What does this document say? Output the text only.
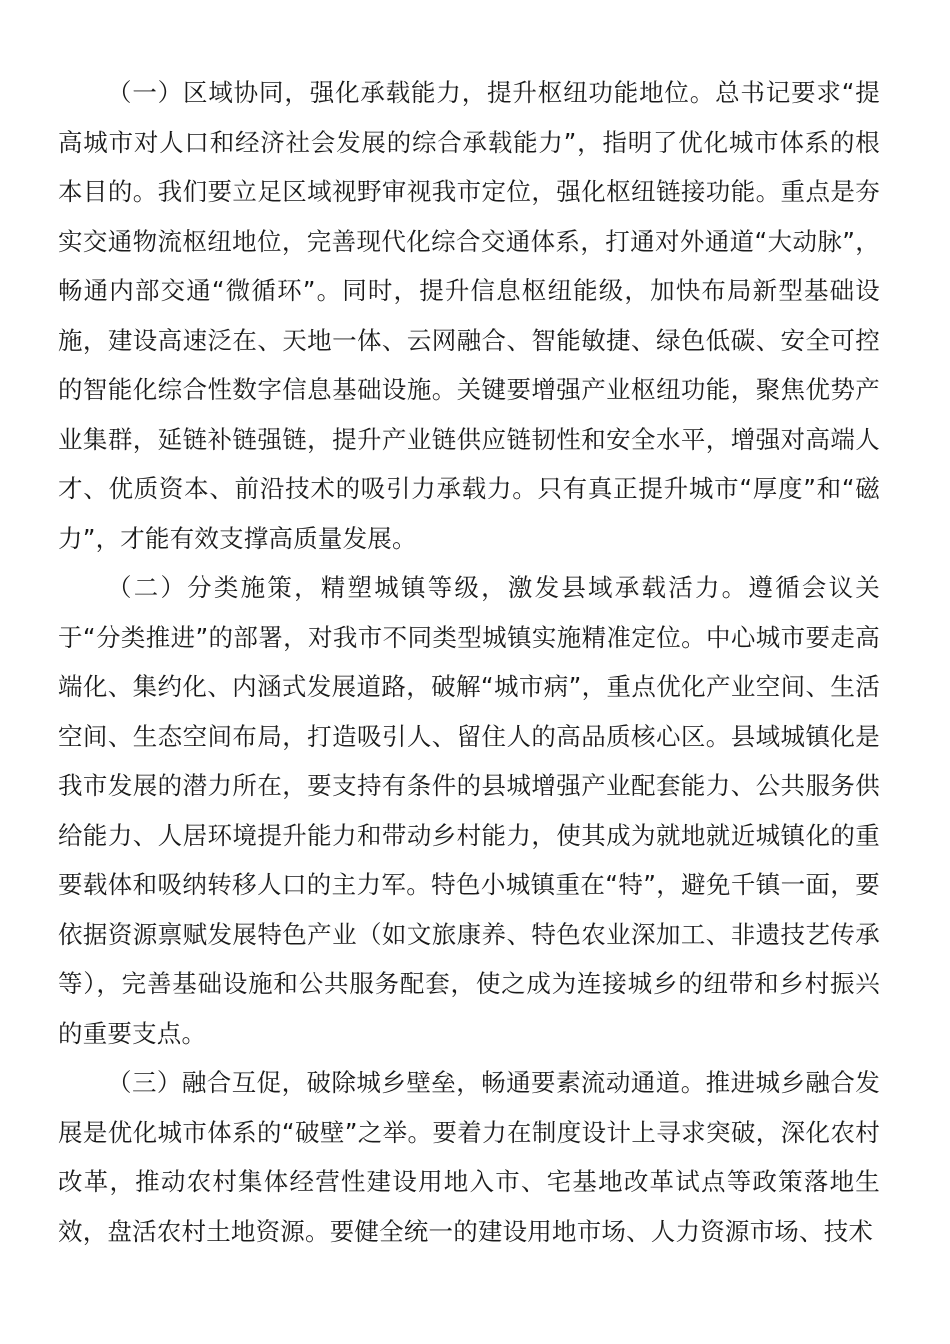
（一）区域协同，强化承载能力，提升枢纽功能地位。总书记要求“提高城市对人口和经济社会发展的综合承载能力”，指明了优化城市体系的根本目的。我们要立足区域视野审视我市定位，强化枢纽链接功能。重点是夯实交通物流枢纽地位，完善现代化综合交通体系，打通对外通道“大动脉”，畅通内部交通“微循环”。同时，提升信息枢纽能级，加快布局新型基础设施，建设高速泛在、天地一体、云网融合、智能敏捷、绿色低碳、安全可控的智能化综合性数字信息基础设施。关键要增强产业枢纽功能，聚焦优势产业集群，延链补链强链，提升产业链供应链韧性和安全水平，增强对高端人才、优质资本、前沿技术的吸引力承载力。只有真正提升城市“厚度”和“磁力”，才能有效支撑高质量发展。

（二）分类施策，精塑城镇等级，激发县域承载活力。遵循会议关于“分类推进”的部署，对我市不同类型城镇实施精准定位。中心城市要走高端化、集约化、内涵式发展道路，破解“城市病”，重点优化产业空间、生活空间、生态空间布局，打造吸引人、留住人的高品质核心区。县域城镇化是我市发展的潜力所在，要支持有条件的县城增强产业配套能力、公共服务供给能力、人居环境提升能力和带动乡村能力，使其成为就地就近城镇化的重要载体和吸纳转移人口的主力军。特色小城镇重在“特”，避免千镇一面，要依据资源禀赋发展特色产业（如文旅康养、特色农业深加工、非遗技艺传承等），完善基础设施和公共服务配套，使之成为连接城乡的纽带和乡村振兴的重要支点。

（三）融合互促，破除城乡壁垒，畅通要素流动通道。推进城乡融合发展是优化城市体系的“破壁”之举。要着力在制度设计上寻求突破，深化农村改革，推动农村集体经营性建设用地入市、宅基地改革试点等政策落地生效，盘活农村土地资源。要健全统一的建设用地市场、人力资源市场、技术
